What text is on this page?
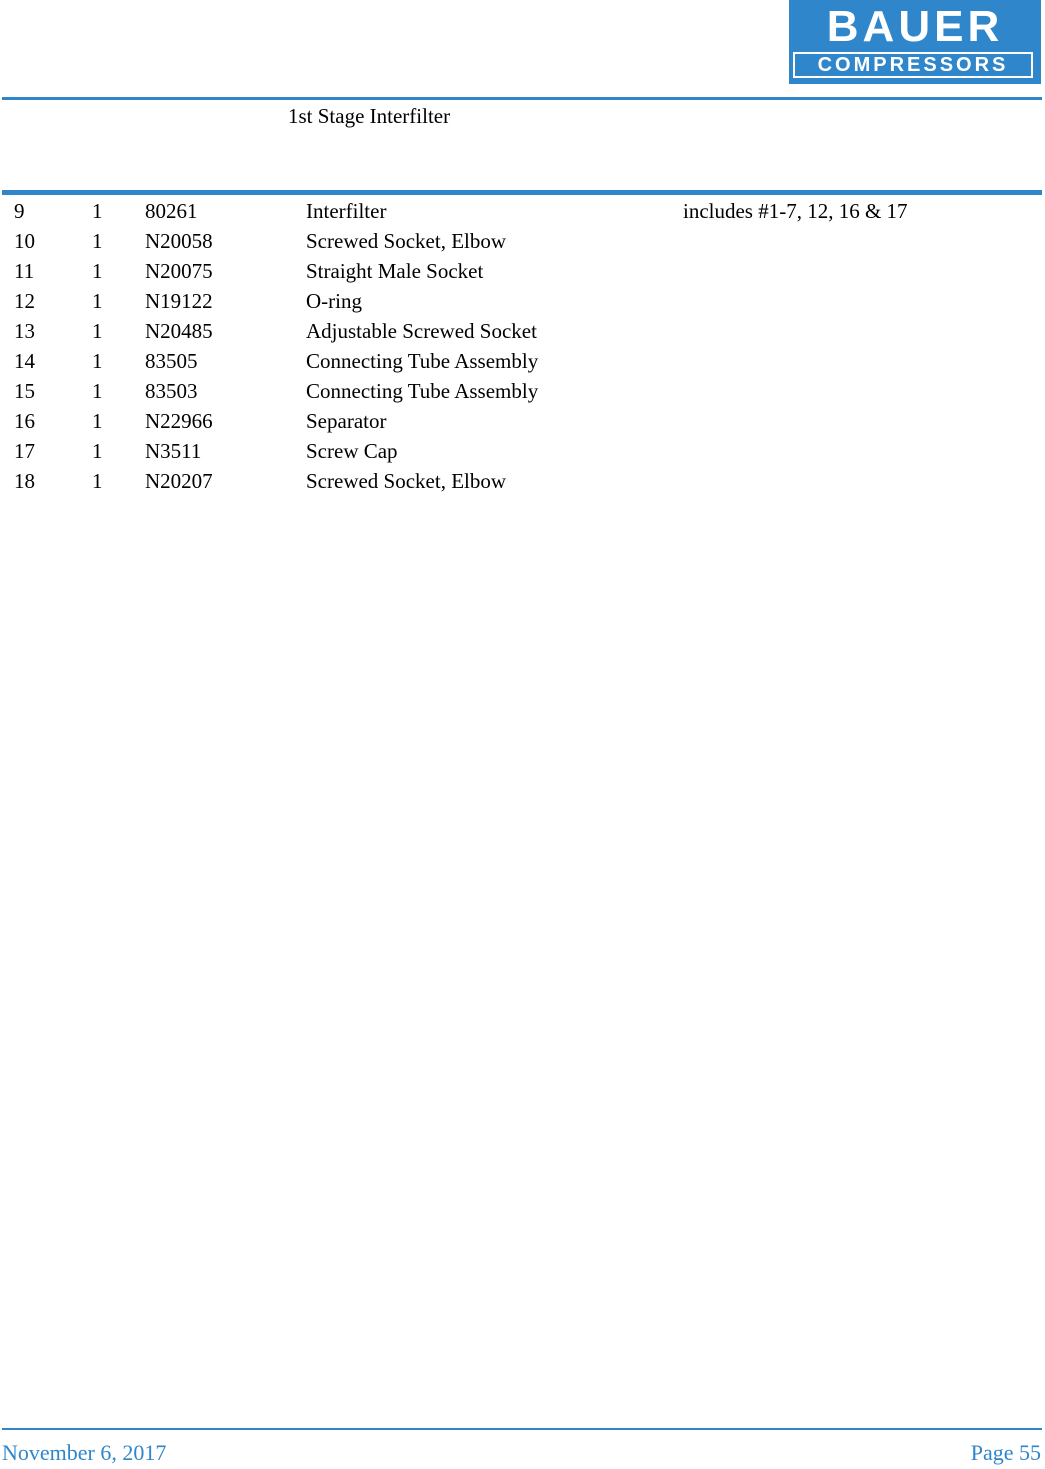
BAUER
COMPRESSORS
1st Stage Interfilter
9	1 80261	Interfilter	includes #1-7, 12, 16 & 17
10	1 N20058	Screwed Socket, Elbow
11	1 N20075	Straight Male Socket
12	1 N19122	O-ring
13	1 N20485	Adjustable Screwed Socket
14	1 83505	Connecting Tube Assembly
15	1 83503	Connecting Tube Assembly
16	1 N22966	Separator
17	1 N3511	Screw Cap
18	1 N20207	Screwed Socket, Elbow
November 6, 2017	Page 55
